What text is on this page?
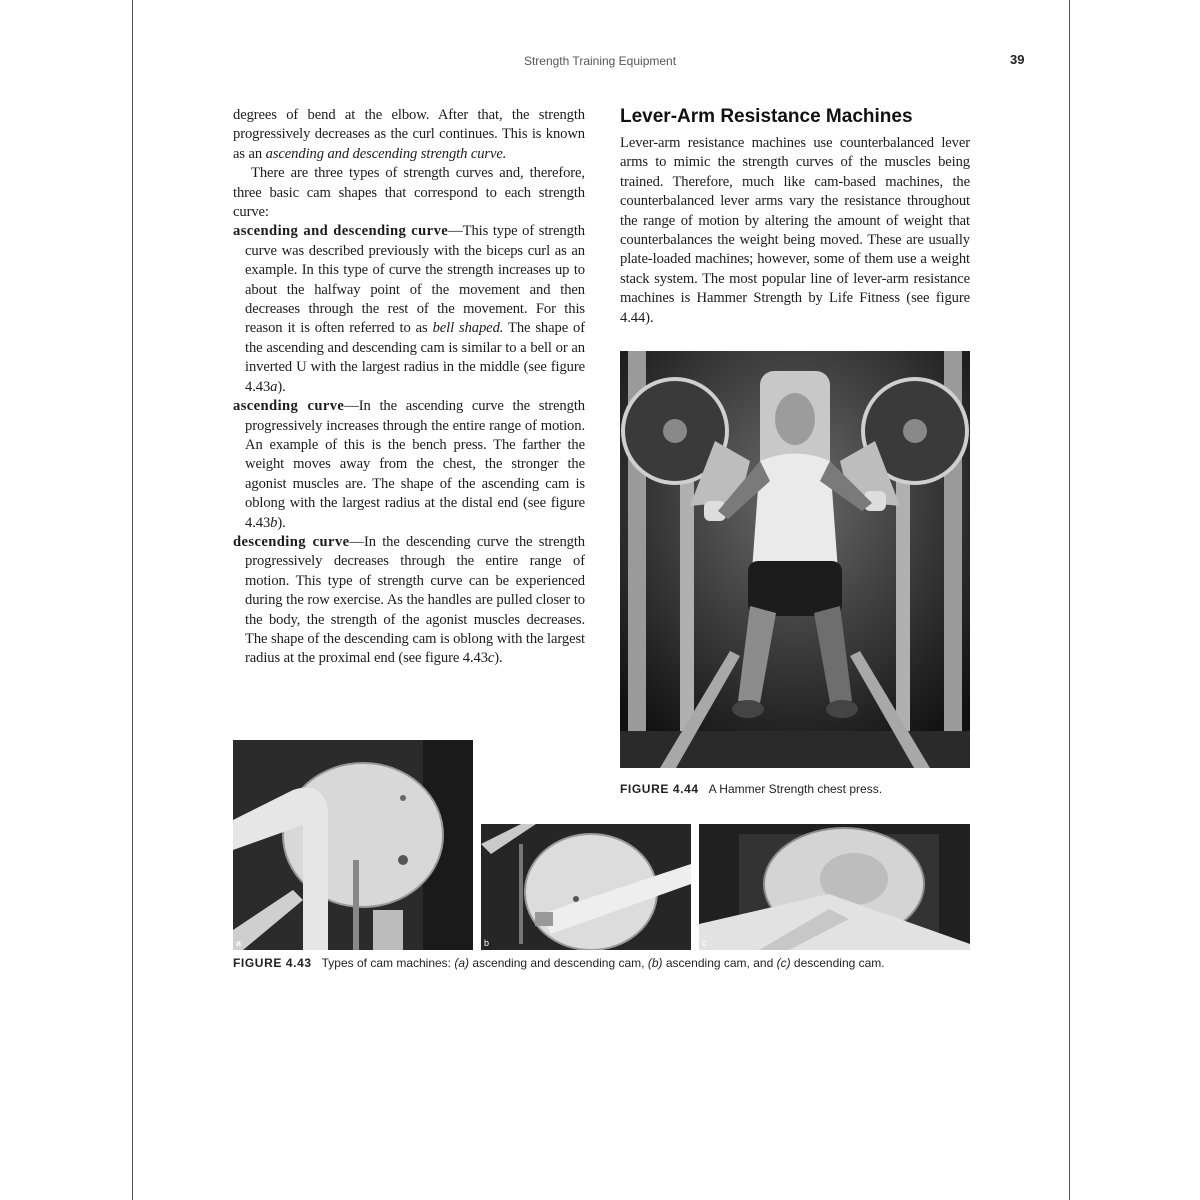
Strength Training Equipment	39

degrees of bend at the elbow. After that, the strength progressively decreases as the curl continues. This is known as an ascending and descending strength curve.

There are three types of strength curves and, therefore, three basic cam shapes that correspond to each strength curve:

ascending and descending curve—This type of strength curve was described previously with the biceps curl as an example. In this type of curve the strength increases up to about the halfway point of the movement and then decreases through the rest of the movement. For this reason it is often referred to as bell shaped. The shape of the ascending and descending cam is similar to a bell or an inverted U with the largest radius in the middle (see figure 4.43a).

ascending curve—In the ascending curve the strength progressively increases through the entire range of motion. An example of this is the bench press. The farther the weight moves away from the chest, the stronger the agonist muscles are. The shape of the ascending cam is oblong with the largest radius at the distal end (see figure 4.43b).

descending curve—In the descending curve the strength progressively decreases through the entire range of motion. This type of strength curve can be experienced during the row exercise. As the handles are pulled closer to the body, the strength of the agonist muscles decreases. The shape of the descending cam is oblong with the largest radius at the proximal end (see figure 4.43c).

Lever-Arm Resistance Machines

Lever-arm resistance machines use counterbalanced lever arms to mimic the strength curves of the muscles being trained. Therefore, much like cam-based machines, the counterbalanced lever arms vary the resistance throughout the range of motion by altering the amount of weight that counterbalances the weight being moved. These are usually plate-loaded machines; however, some of them use a weight stack system. The most popular line of lever-arm resistance machines is Hammer Strength by Life Fitness (see figure 4.44).

FIGURE 4.44 A Hammer Strength chest press.
a	b	c
FIGURE 4.43 Types of cam machines: (a) ascending and descending cam, (b) ascending cam, and (c) descending cam.
